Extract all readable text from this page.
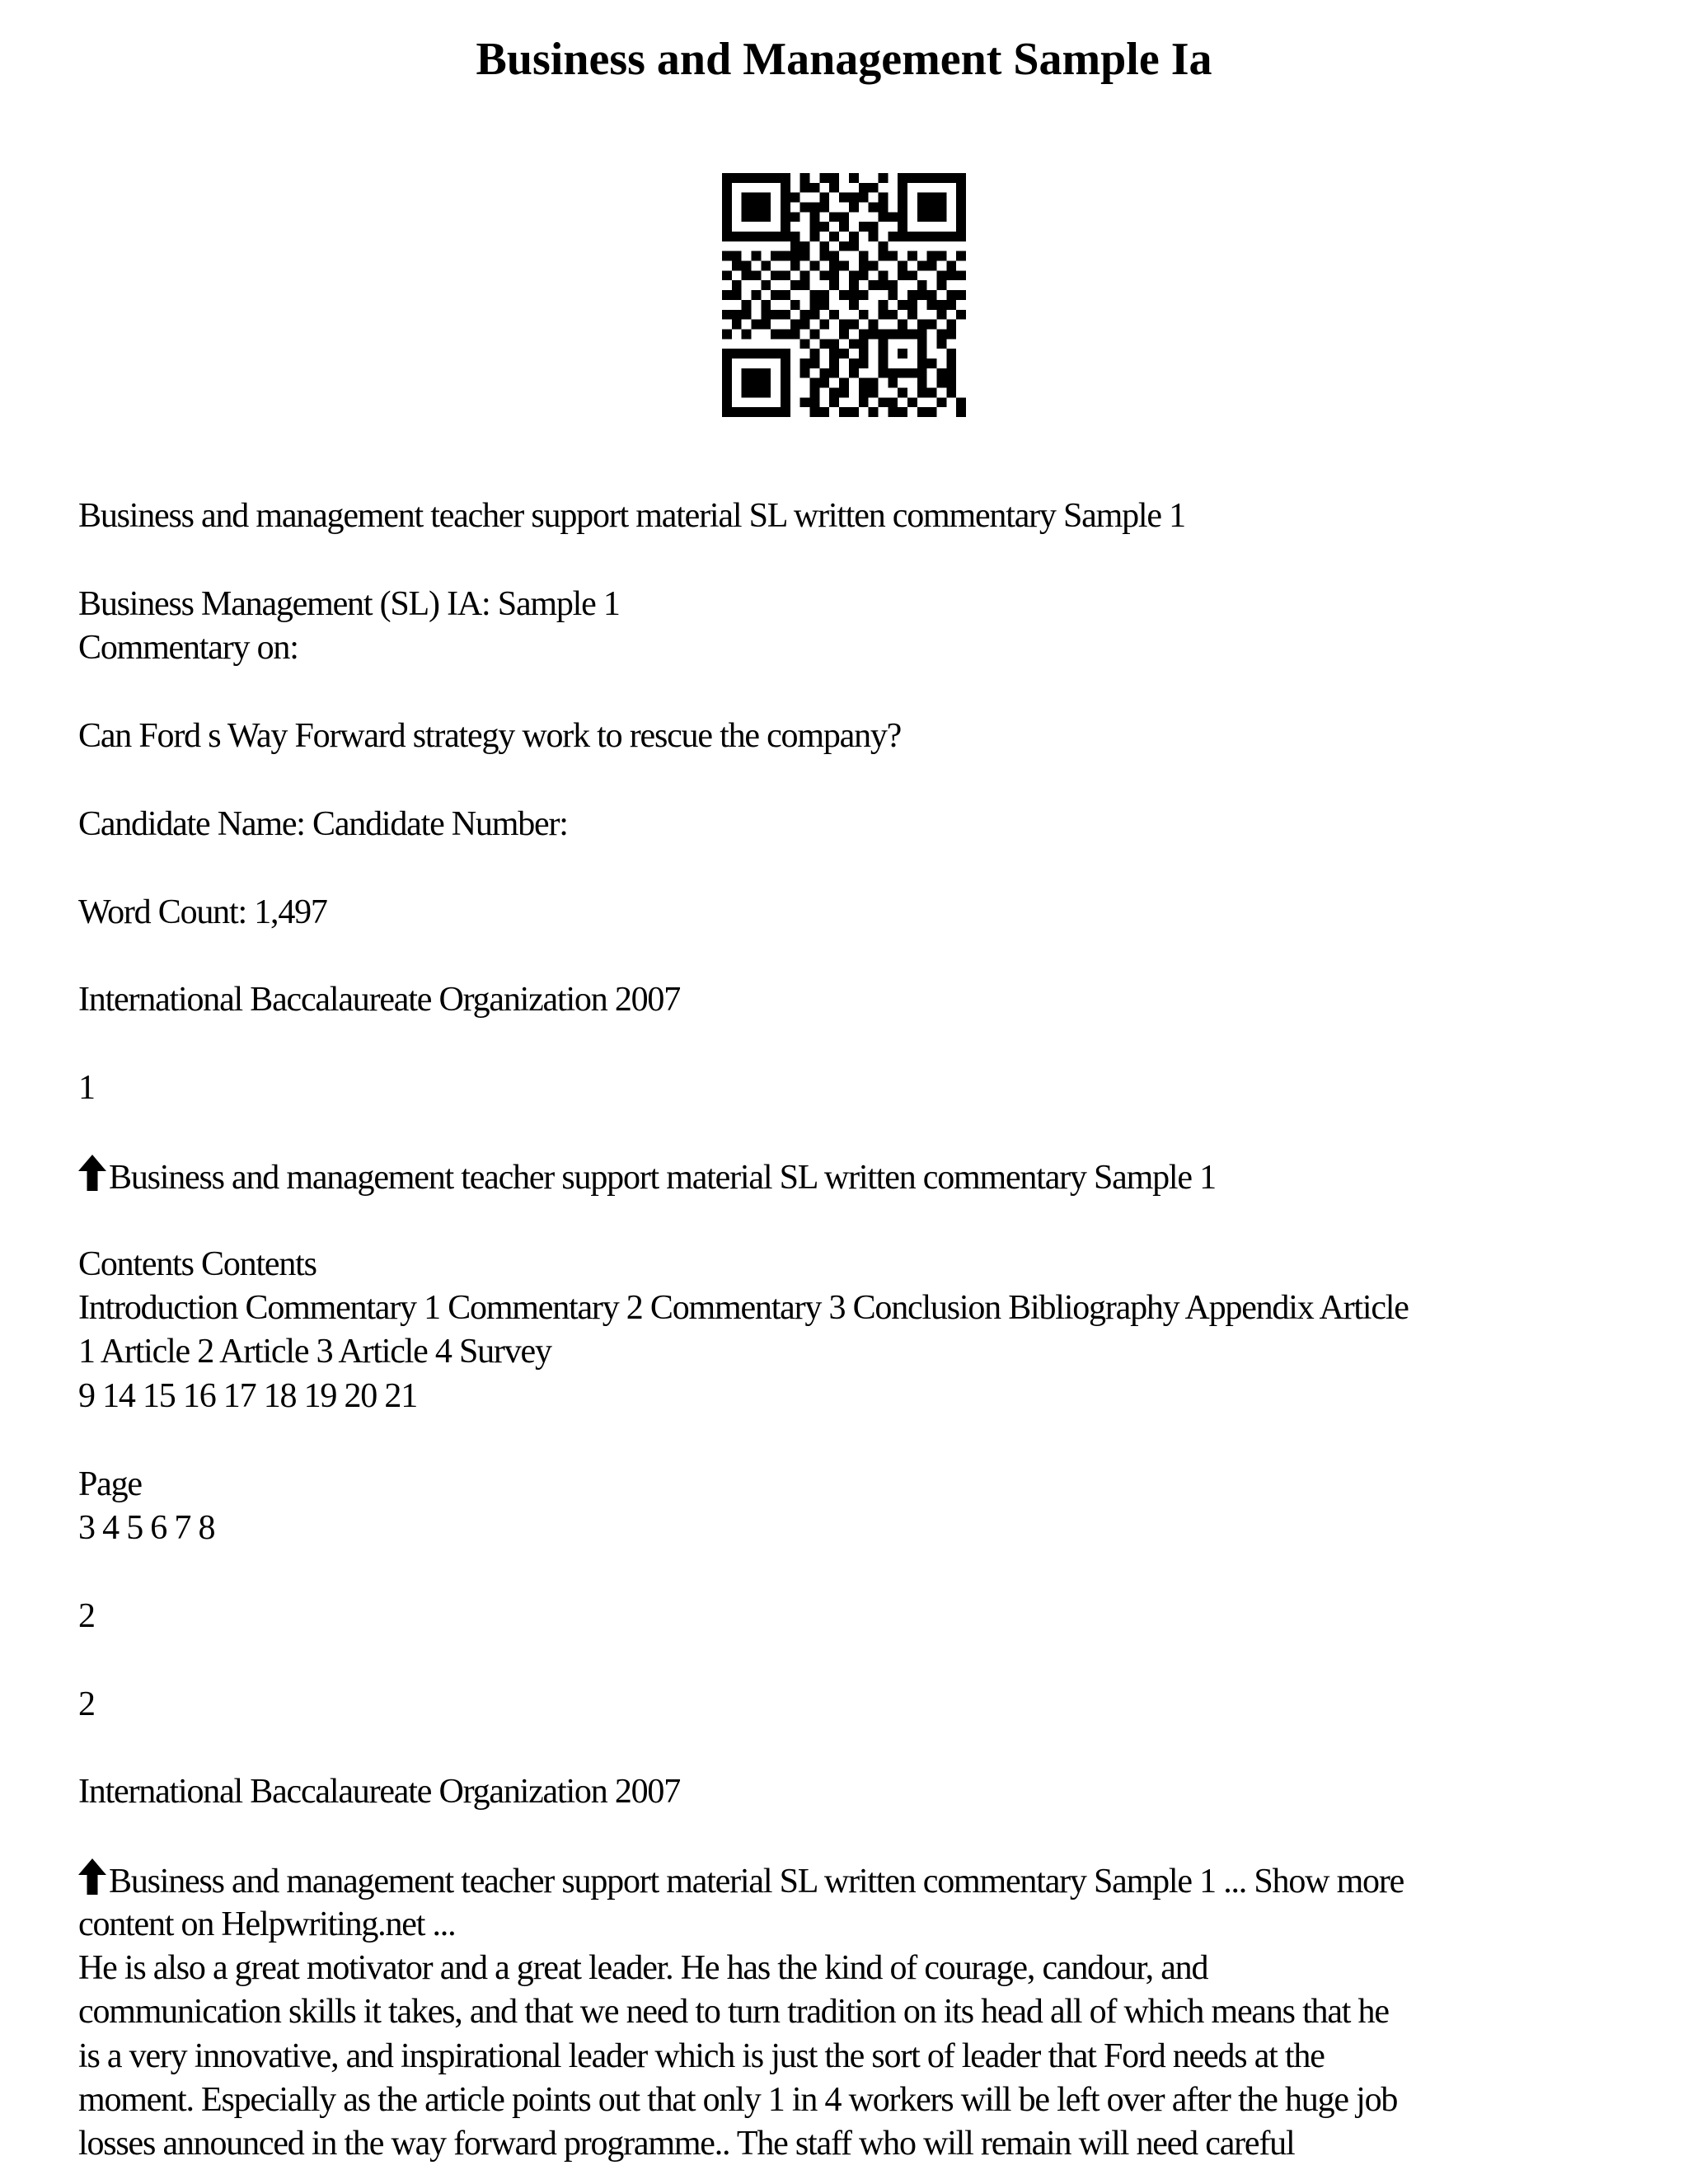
Business and Management Sample Ia
Business and management teacher support material SL written commentary Sample 1
Business Management (SL) IA: Sample 1
Commentary on:
Can Ford s Way Forward strategy work to rescue the company?
Candidate Name: Candidate Number:
Word Count: 1,497
International Baccalaureate Organization 2007
1
Business and management teacher support material SL written commentary Sample 1
Contents Contents
Introduction Commentary 1 Commentary 2 Commentary 3 Conclusion Bibliography Appendix Article
1 Article 2 Article 3 Article 4 Survey
9 14 15 16 17 18 19 20 21
Page
3 4 5 6 7 8
2
2
International Baccalaureate Organization 2007
Business and management teacher support material SL written commentary Sample 1 ... Show more
content on Helpwriting.net ...
He is also a great motivator and a great leader. He has the kind of courage, candour, and
communication skills it takes, and that we need to turn tradition on its head all of which means that he
is a very innovative, and inspirational leader which is just the sort of leader that Ford needs at the
moment. Especially as the article points out that only 1 in 4 workers will be left over after the huge job
losses announced in the way forward programme.. The staff who will remain will need careful
